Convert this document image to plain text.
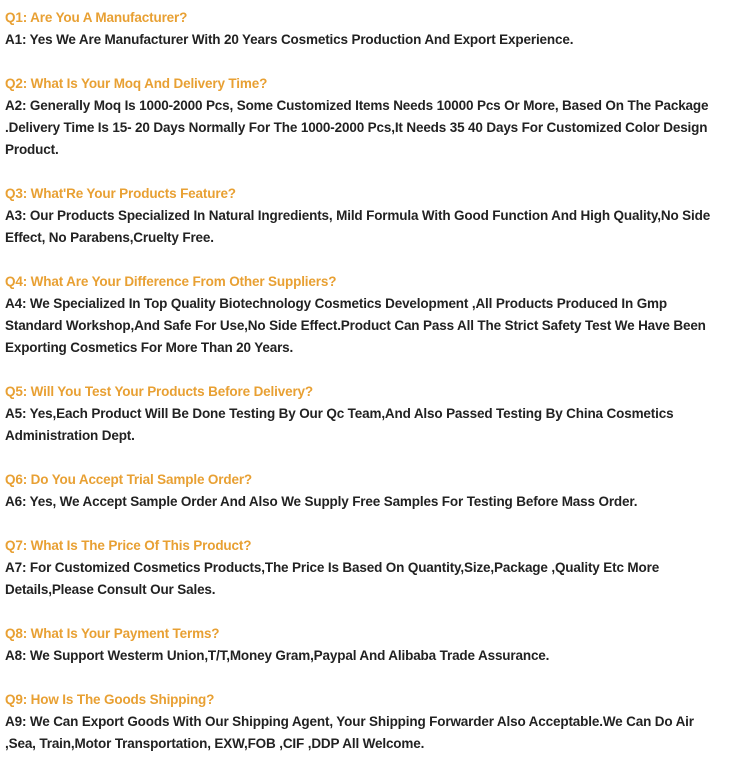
Q1: Are You A Manufacturer?
A1: Yes We Are Manufacturer With 20 Years Cosmetics Production And Export Experience.
Q2: What Is Your Moq And Delivery Time?
A2: Generally Moq Is 1000-2000 Pcs, Some Customized Items Needs 10000 Pcs Or More, Based On The Package .Delivery Time Is 15- 20 Days Normally For The 1000-2000 Pcs,It Needs 35 40 Days For Customized Color Design Product.
Q3: What'Re Your Products Feature?
A3: Our Products Specialized In Natural Ingredients, Mild Formula With Good Function And High Quality,No Side Effect, No Parabens,Cruelty Free.
Q4: What Are Your Difference From Other Suppliers?
A4: We Specialized In Top Quality Biotechnology Cosmetics Development ,All Products Produced In Gmp Standard Workshop,And Safe For Use,No Side Effect.Product Can Pass All The Strict Safety Test We Have Been Exporting Cosmetics For More Than 20 Years.
Q5: Will You Test Your Products Before Delivery?
A5: Yes,Each Product Will Be Done Testing By Our Qc Team,And Also Passed Testing By China Cosmetics Administration Dept.
Q6: Do You Accept Trial Sample Order?
A6: Yes, We Accept Sample Order And Also We Supply Free Samples For Testing Before Mass Order.
Q7: What Is The Price Of This Product?
A7: For Customized Cosmetics Products,The Price Is Based On Quantity,Size,Package ,Quality Etc More Details,Please Consult Our Sales.
Q8: What Is Your Payment Terms?
A8: We Support Westerm Union,T/T,Money Gram,Paypal And Alibaba Trade Assurance.
Q9: How Is The Goods Shipping?
A9: We Can Export Goods With Our Shipping Agent, Your Shipping Forwarder Also Acceptable.We Can Do Air ,Sea, Train,Motor Transportation, EXW,FOB ,CIF ,DDP All Welcome.
